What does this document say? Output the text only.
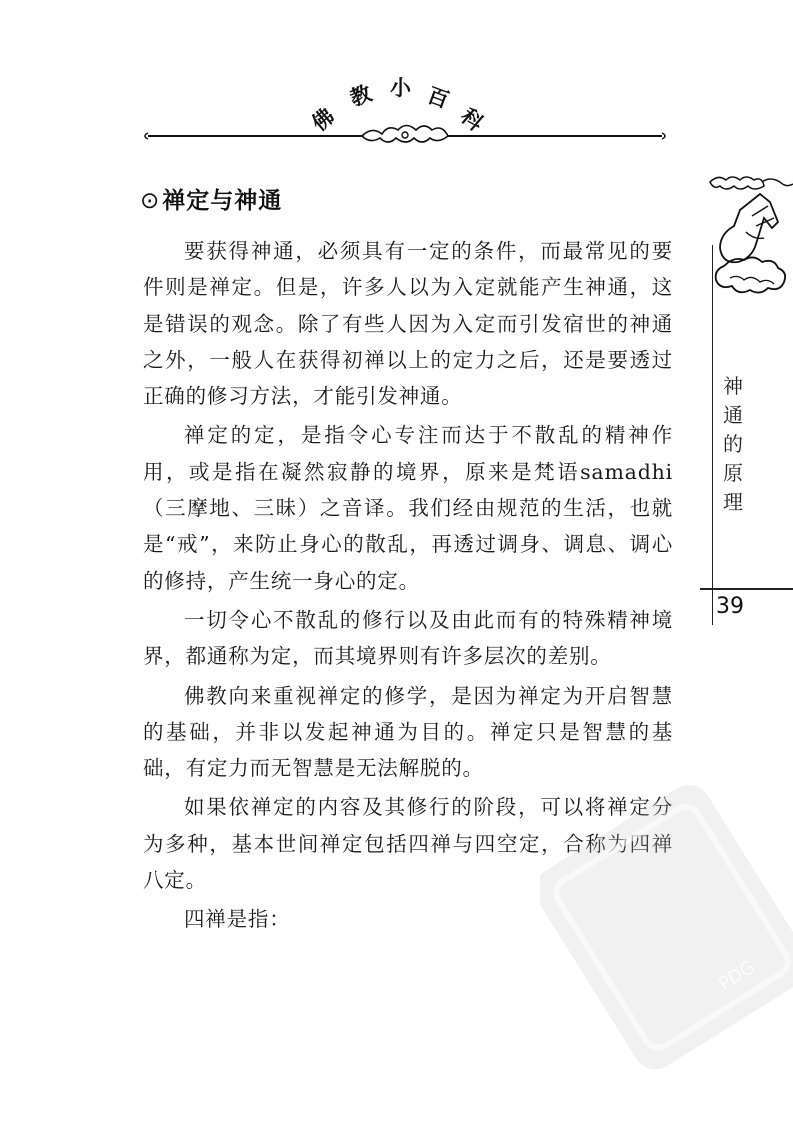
佛
教 小 百
科
神
通
的
原
理
39
⊙禅定与神通

要获得神通，必须具有一定的条件，而最常见的要件则是禅定。但是，许多人以为入定就能产生神通，这是错误的观念。除了有些人因为入定而引发宿世的神通之外，一般人在获得初禅以上的定力之后，还是要透过正确的修习方法，才能引发神通。

禅定的定，是指令心专注而达于不散乱的精神作用，或是指在凝然寂静的境界，原来是梵语samadhi（三摩地、三昧）之音译。我们经由规范的生活，也就是“戒”，来防止身心的散乱，再透过调身、调息、调心的修持，产生统一身心的定。

一切令心不散乱的修行以及由此而有的特殊精神境界，都通称为定，而其境界则有许多层次的差别。

佛教向来重视禅定的修学，是因为禅定为开启智慧的基础，并非以发起神通为目的。禅定只是智慧的基础，有定力而无智慧是无法解脱的。

如果依禅定的内容及其修行的阶段，可以将禅定分为多种，基本世间禅定包括四禅与四空定，合称为四禅八定。

四禅是指：

PDG
